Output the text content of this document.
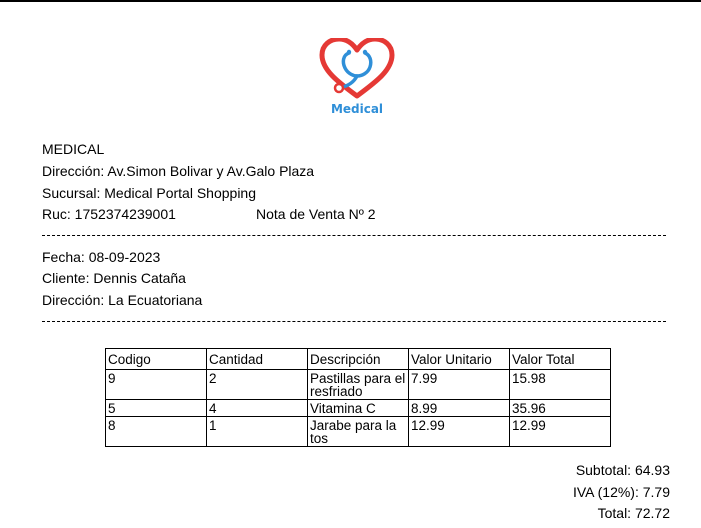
Medical
MEDICAL
Dirección: Av.Simon Bolivar y Av.Galo Plaza
Sucursal: Medical Portal Shopping
Ruc: 1752374239001	Nota de Venta Nº 2
Fecha: 08-09-2023
Cliente: Dennis Cataña
Dirección: La Ecuatoriana
Codigo	Cantidad	Descripción	Valor Unitario	Valor Total
9	2	Pastillas para el resfriado	7.99	15.98
5	4	Vitamina C	8.99	35.96
8	1	Jarabe para la tos	12.99	12.99
Subtotal: 64.93
IVA (12%): 7.79
Total: 72.72
